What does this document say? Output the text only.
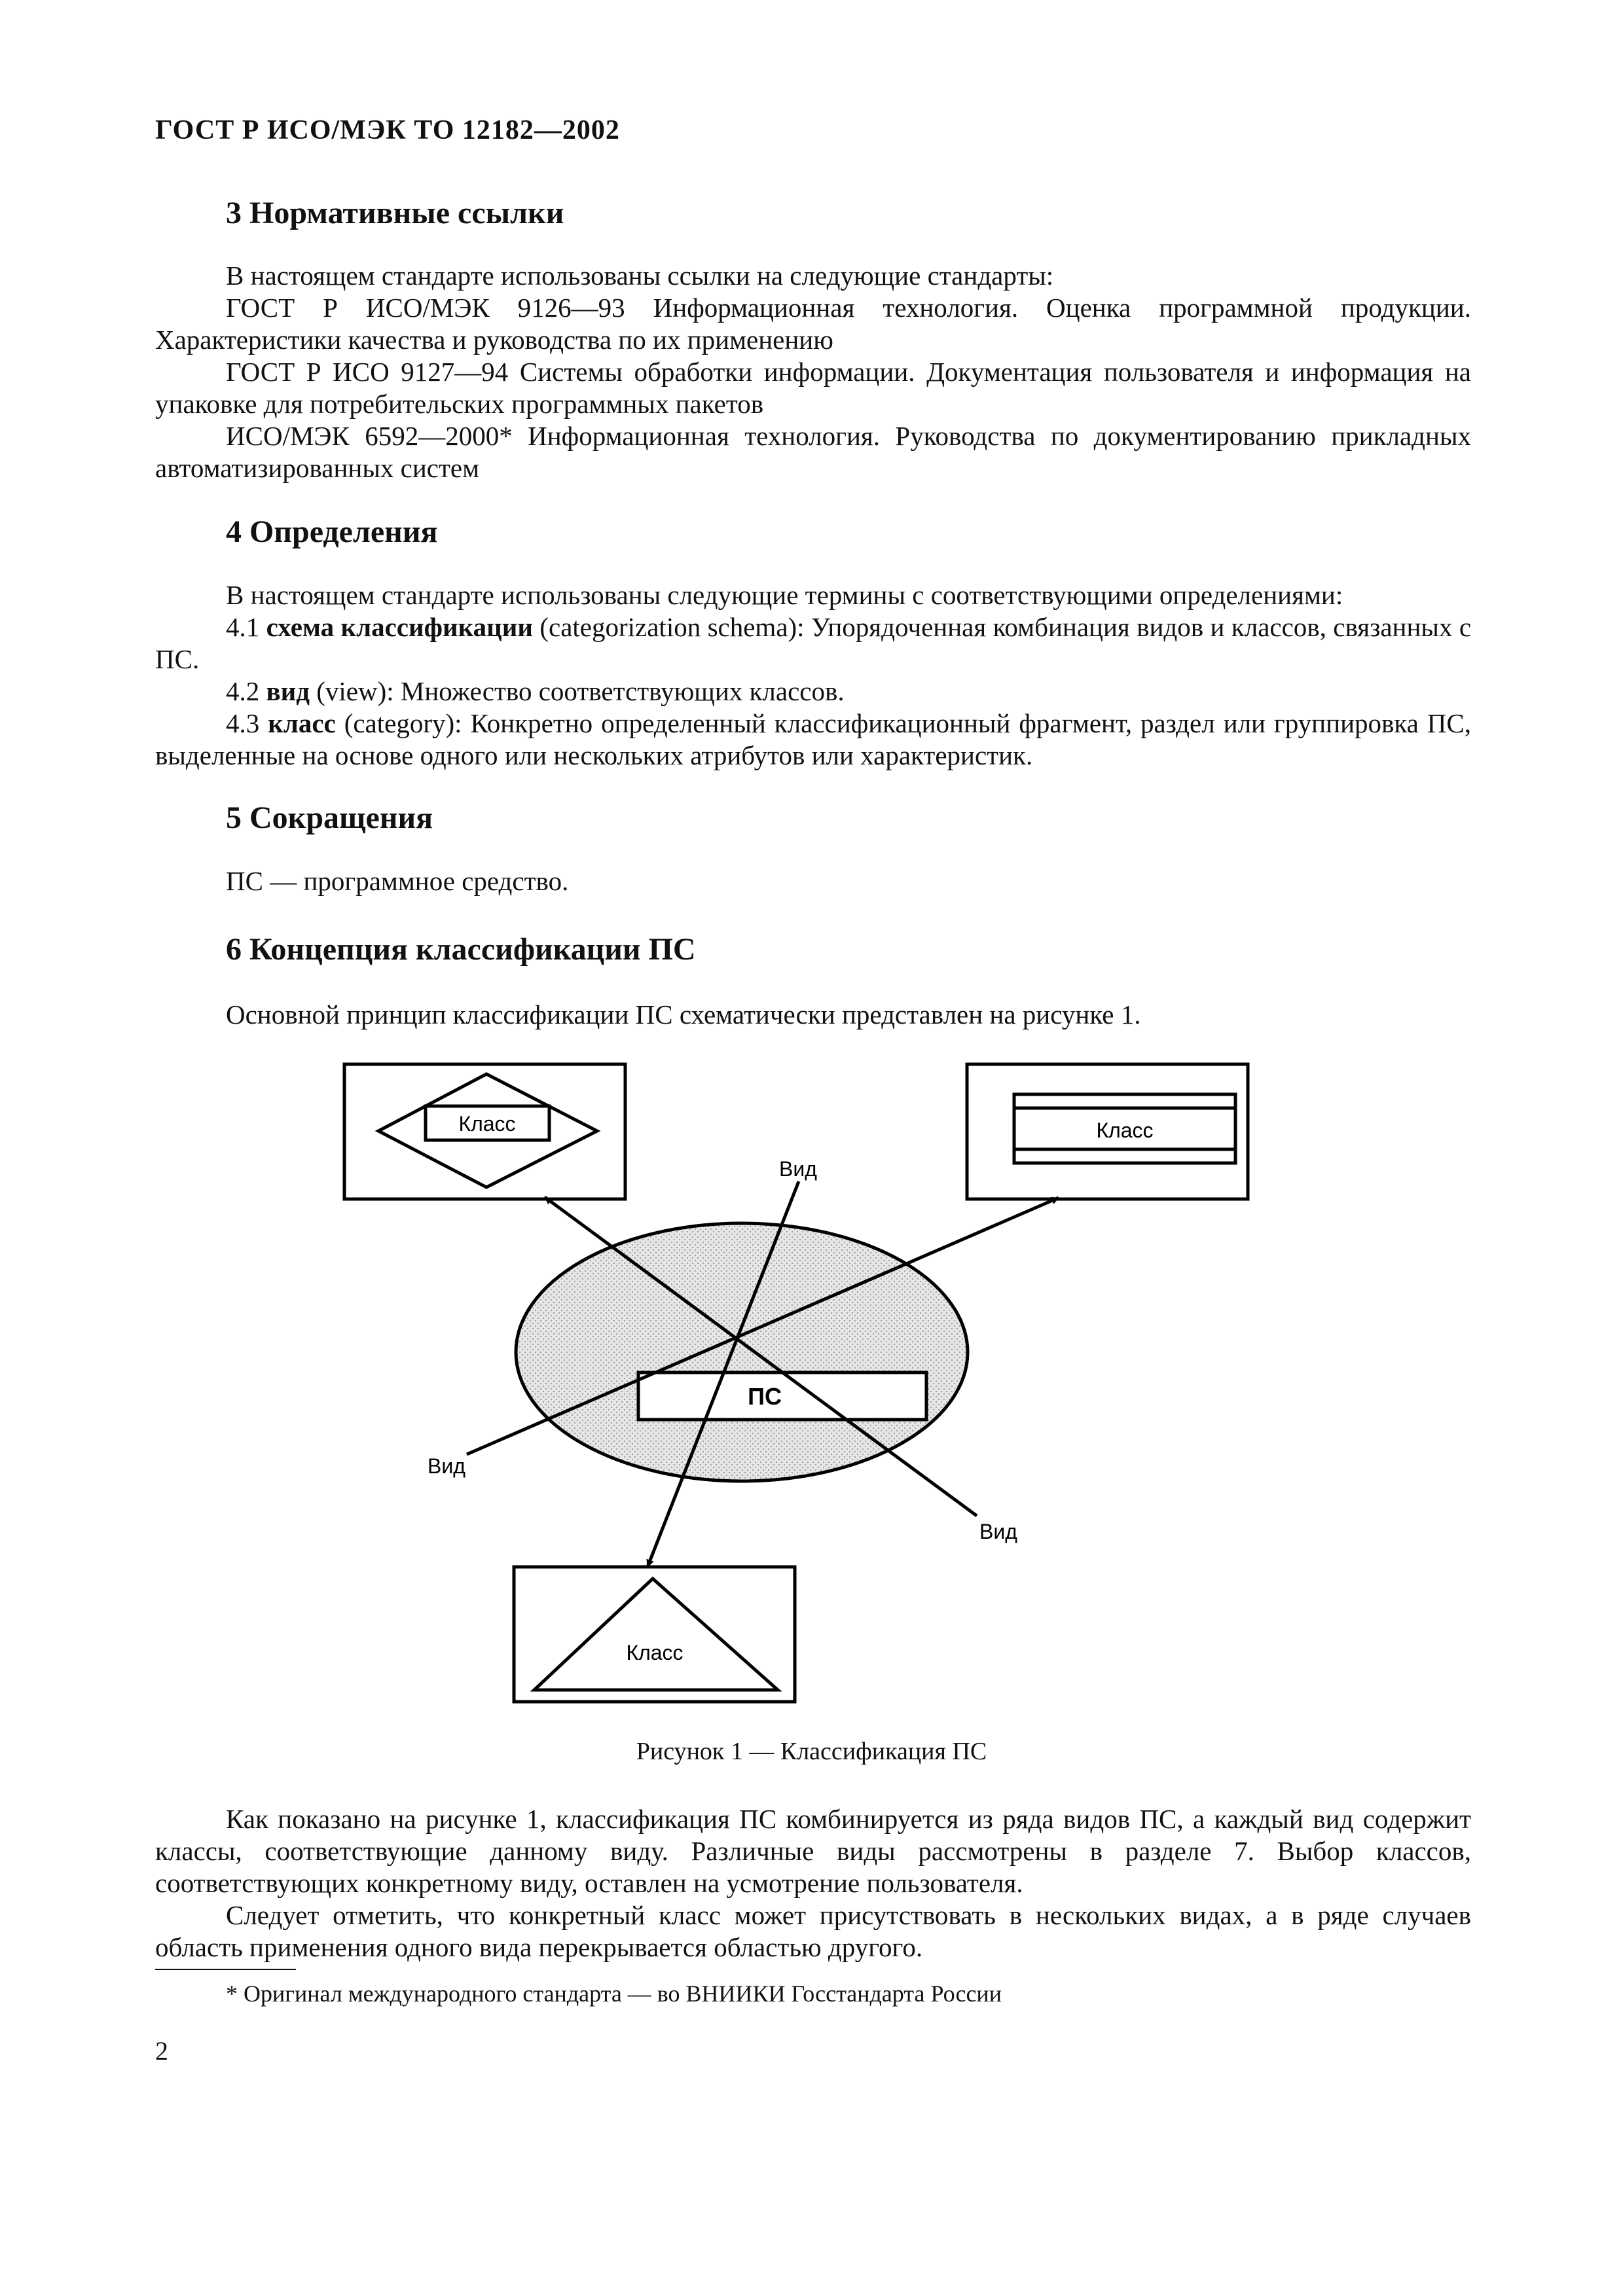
ГОСТ Р ИСО/МЭК ТО 12182—2002
3 Нормативные ссылки
В настоящем стандарте использованы ссылки на следующие стандарты:
ГОСТ Р ИСО/МЭК 9126—93 Информационная технология. Оценка программной продукции. Характеристики качества и руководства по их применению
ГОСТ Р ИСО 9127—94 Системы обработки информации. Документация пользователя и информация на упаковке для потребительских программных пакетов
ИСО/МЭК 6592—2000* Информационная технология. Руководства по документированию прикладных автоматизированных систем
4 Определения
В настоящем стандарте использованы следующие термины с соответствующими определениями:
4.1 схема классификации (categorization schema): Упорядоченная комбинация видов и классов, связанных с ПС.
4.2 вид (view): Множество соответствующих классов.
4.3 класс (category): Конкретно определенный классификационный фрагмент, раздел или группировка ПС, выделенные на основе одного или нескольких атрибутов или характеристик.
5 Сокращения
ПС — программное средство.
6 Концепция классификации ПС
Основной принцип классификации ПС схематически представлен на рисунке 1.
ПС
Класс	Класс
Класс
Вид
Вид
Вид
Рисунок 1 — Классификация ПС
Как показано на рисунке 1, классификация ПС комбинируется из ряда видов ПС, а каждый вид содержит классы, соответствующие данному виду. Различные виды рассмотрены в разделе 7. Выбор классов, соответствующих конкретному виду, оставлен на усмотрение пользователя.
Следует отметить, что конкретный класс может присутствовать в нескольких видах, а в ряде случаев область применения одного вида перекрывается областью другого.
* Оригинал международного стандарта — во ВНИИКИ Госстандарта России
2
